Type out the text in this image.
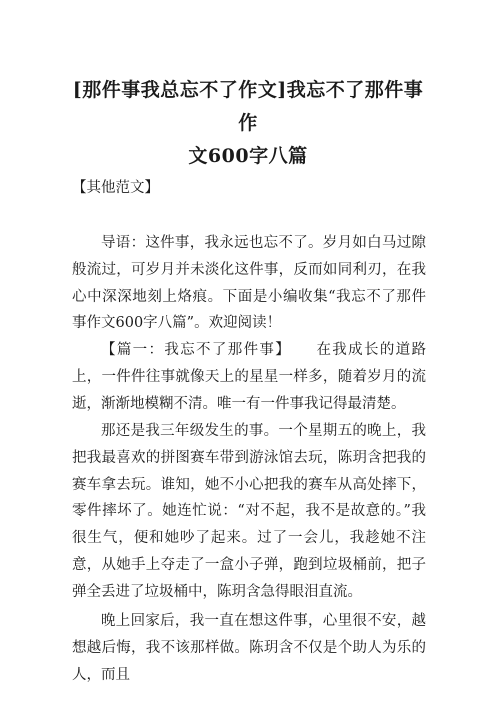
[那件事我总忘不了作文]我忘不了那件事作
文600字八篇
【其他范文】

导语：这件事，我永远也忘不了。岁月如白马过隙般流过，可岁月并未淡化这件事，反而如同利刃，在我心中深深地刻上烙痕。下面是小编收集“我忘不了那件事作文600字八篇”。欢迎阅读！

【篇一：我忘不了那件事】 在我成长的道路上，一件件往事就像天上的星星一样多，随着岁月的流逝，渐渐地模糊不清。唯一有一件事我记得最清楚。

那还是我三年级发生的事。一个星期五的晚上，我把我最喜欢的拼图赛车带到游泳馆去玩，陈玥含把我的赛车拿去玩。谁知，她不小心把我的赛车从高处摔下，零件摔坏了。她连忙说：“对不起，我不是故意的。”我很生气，便和她吵了起来。过了一会儿，我趁她不注意，从她手上夺走了一盒小子弹，跑到垃圾桶前，把子弹全丢进了垃圾桶中，陈玥含急得眼泪直流。

晚上回家后，我一直在想这件事，心里很不安，越想越后悔，我不该那样做。陈玥含不仅是个助人为乐的人，而且
